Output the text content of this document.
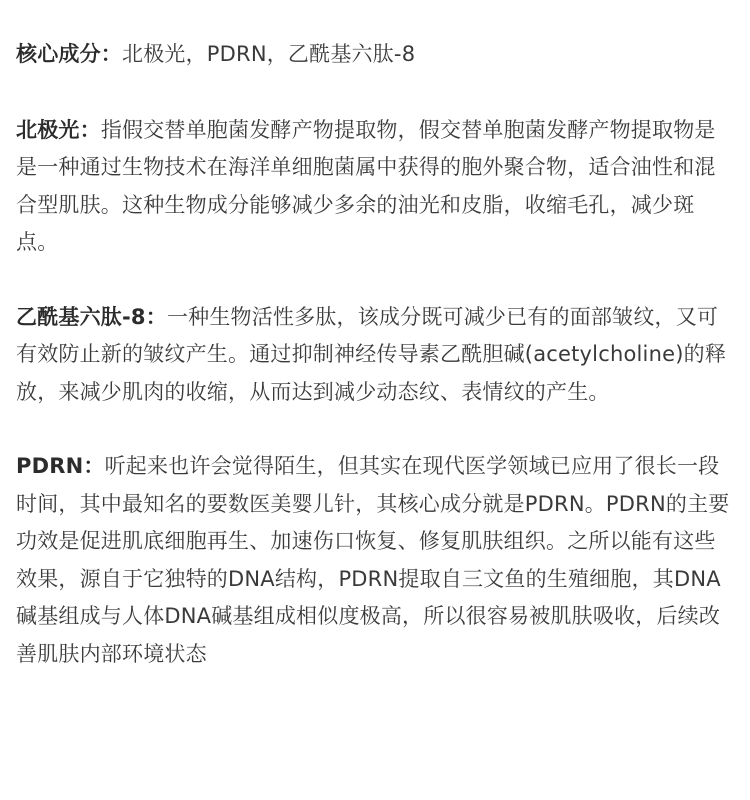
核心成分：北极光，PDRN，乙酰基六肽-8

北极光：指假交替单胞菌发酵产物提取物，假交替单胞菌发酵产物提取物是是一种通过生物技术在海洋单细胞菌属中获得的胞外聚合物，适合油性和混合型肌肤。这种生物成分能够减少多余的油光和皮脂，收缩毛孔，减少斑点。

乙酰基六肽-8：一种生物活性多肽，该成分既可减少已有的面部皱纹，又可有效防止新的皱纹产生。通过抑制神经传导素乙酰胆碱(acetylcholine)的释放，来减少肌肉的收缩，从而达到减少动态纹、表情纹的产生。

PDRN：听起来也许会觉得陌生，但其实在现代医学领域已应用了很长一段时间，其中最知名的要数医美婴儿针，其核心成分就是PDRN。PDRN的主要功效是促进肌底细胞再生、加速伤口恢复、修复肌肤组织。之所以能有这些效果，源自于它独特的DNA结构，PDRN提取自三文鱼的生殖细胞，其DNA碱基组成与人体DNA碱基组成相似度极高，所以很容易被肌肤吸收，后续改善肌肤内部环境状态
